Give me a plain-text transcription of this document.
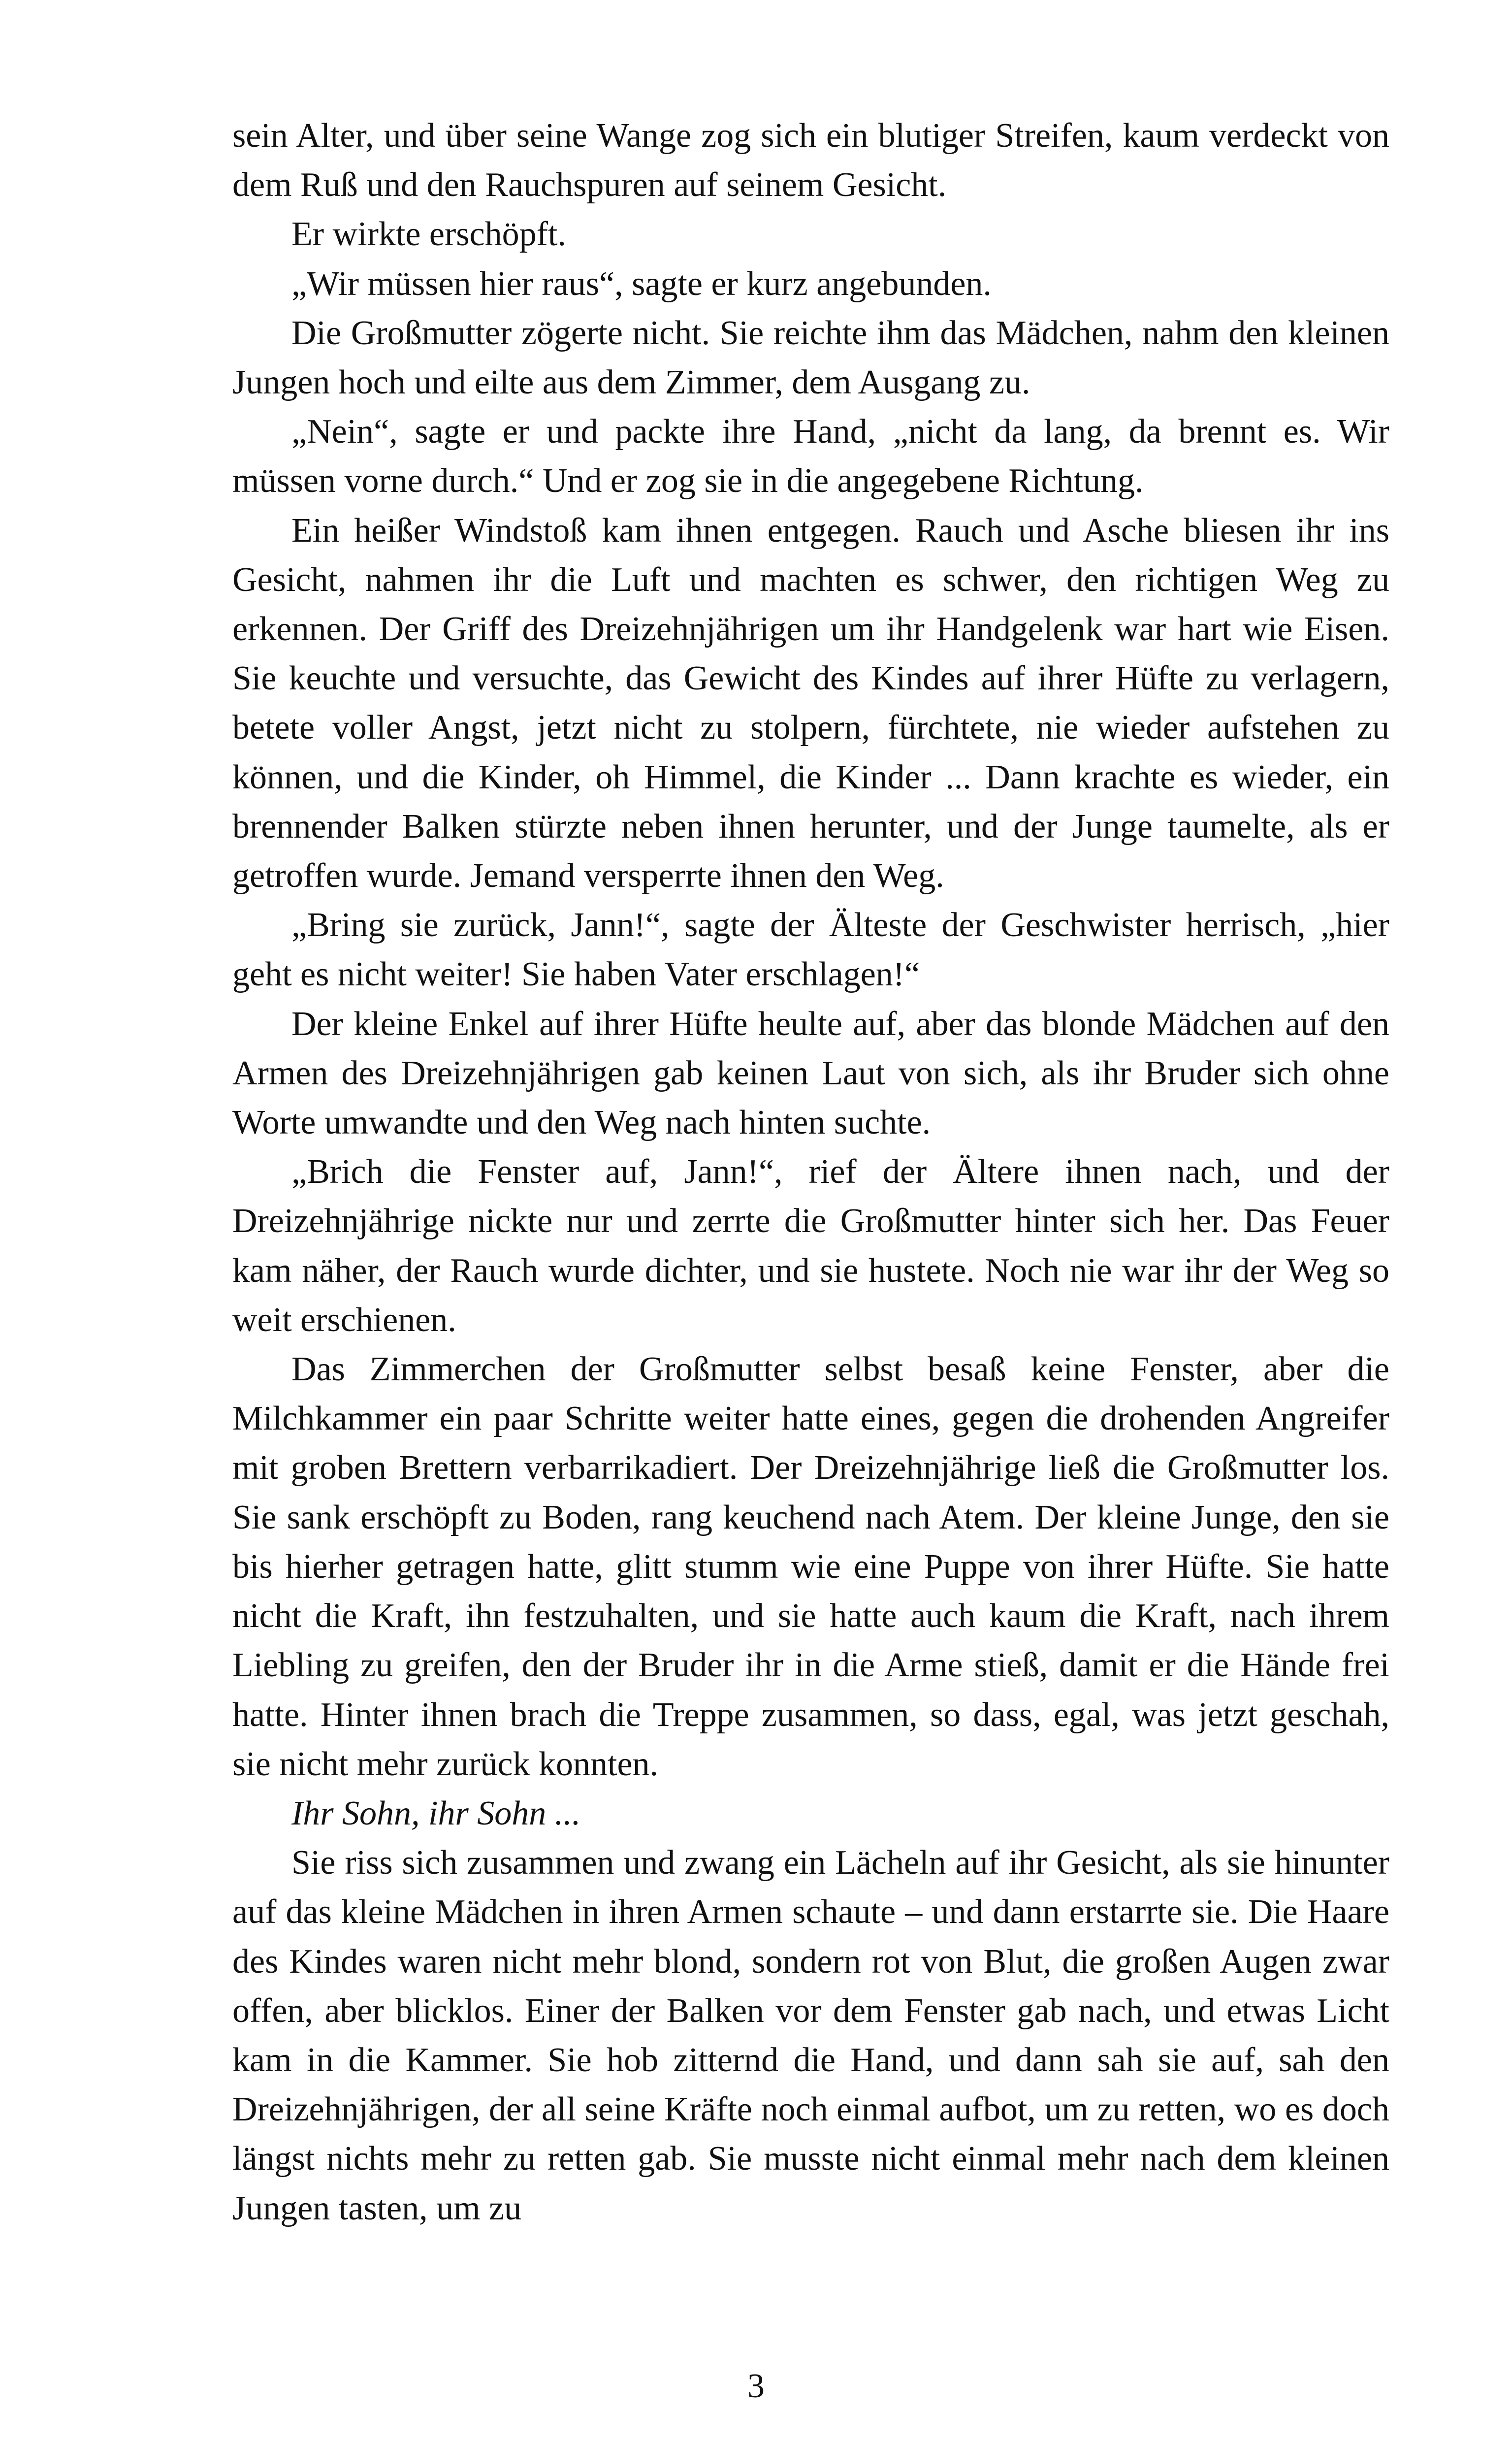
sein Alter, und über seine Wange zog sich ein blutiger Streifen, kaum verdeckt von dem Ruß und den Rauchspuren auf seinem Gesicht.

Er wirkte erschöpft.

„Wir müssen hier raus“, sagte er kurz angebunden.

Die Großmutter zögerte nicht. Sie reichte ihm das Mädchen, nahm den kleinen Jungen hoch und eilte aus dem Zimmer, dem Ausgang zu.

„Nein“, sagte er und packte ihre Hand, „nicht da lang, da brennt es. Wir müssen vorne durch.“ Und er zog sie in die angegebene Richtung.

Ein heißer Windstoß kam ihnen entgegen. Rauch und Asche bliesen ihr ins Gesicht, nahmen ihr die Luft und machten es schwer, den richtigen Weg zu erkennen. Der Griff des Dreizehnjährigen um ihr Handgelenk war hart wie Eisen. Sie keuchte und versuchte, das Gewicht des Kindes auf ihrer Hüfte zu verlagern, betete voller Angst, jetzt nicht zu stolpern, fürchtete, nie wieder aufstehen zu können, und die Kinder, oh Himmel, die Kinder ... Dann krachte es wieder, ein brennender Balken stürzte neben ihnen herunter, und der Junge taumelte, als er getroffen wurde. Jemand versperrte ihnen den Weg.

„Bring sie zurück, Jann!“, sagte der Älteste der Geschwister herrisch, „hier geht es nicht weiter! Sie haben Vater erschlagen!“

Der kleine Enkel auf ihrer Hüfte heulte auf, aber das blonde Mädchen auf den Armen des Dreizehnjährigen gab keinen Laut von sich, als ihr Bruder sich ohne Worte umwandte und den Weg nach hinten suchte.

„Brich die Fenster auf, Jann!“, rief der Ältere ihnen nach, und der Dreizehnjährige nickte nur und zerrte die Großmutter hinter sich her. Das Feuer kam näher, der Rauch wurde dichter, und sie hustete. Noch nie war ihr der Weg so weit erschienen.

Das Zimmerchen der Großmutter selbst besaß keine Fenster, aber die Milchkammer ein paar Schritte weiter hatte eines, gegen die drohenden Angreifer mit groben Brettern verbarrikadiert. Der Dreizehnjährige ließ die Großmutter los. Sie sank erschöpft zu Boden, rang keuchend nach Atem. Der kleine Junge, den sie bis hierher getragen hatte, glitt stumm wie eine Puppe von ihrer Hüfte. Sie hatte nicht die Kraft, ihn festzuhalten, und sie hatte auch kaum die Kraft, nach ihrem Liebling zu greifen, den der Bruder ihr in die Arme stieß, damit er die Hände frei hatte. Hinter ihnen brach die Treppe zusammen, so dass, egal, was jetzt geschah, sie nicht mehr zurück konnten.

Ihr Sohn, ihr Sohn ...

Sie riss sich zusammen und zwang ein Lächeln auf ihr Gesicht, als sie hinunter auf das kleine Mädchen in ihren Armen schaute – und dann erstarrte sie. Die Haare des Kindes waren nicht mehr blond, sondern rot von Blut, die großen Augen zwar offen, aber blicklos. Einer der Balken vor dem Fenster gab nach, und etwas Licht kam in die Kammer. Sie hob zitternd die Hand, und dann sah sie auf, sah den Dreizehnjährigen, der all seine Kräfte noch einmal aufbot, um zu retten, wo es doch längst nichts mehr zu retten gab. Sie musste nicht einmal mehr nach dem kleinen Jungen tasten, um zu

3
